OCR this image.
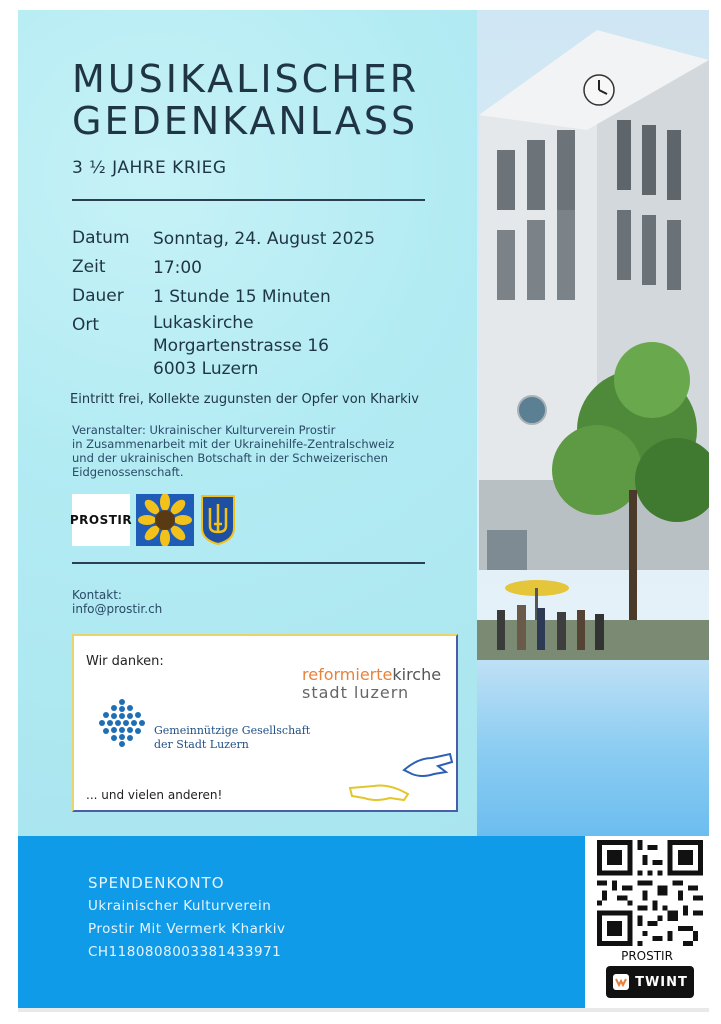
MUSIKALISCHER
GEDENKANLASS
3 ½ JAHRE KRIEG
Datum Sonntag, 24. August 2025
Zeit	17:00
Dauer 1 Stunde 15 Minuten
Ort	Lukaskirche
Morgartenstrasse 16
6003 Luzern
Eintritt frei, Kollekte zugunsten der Opfer von Kharkiv
Veranstalter: Ukrainischer Kulturverein Prostir
in Zusammenarbeit mit der Ukrainehilfe-Zentralschweiz
und der ukrainischen Botschaft in der Schweizerischen
Eidgenossenschaft.
PROSTIR
Kontakt:
info@prostir.ch
Wir danken:
reformiertekirche
stadt luzern
Gemeinnützige Gesellschaft
der Stadt Luzern
... und vielen anderen!
SPENDENKONTO
Ukrainischer Kulturverein
Prostir Mit Vermerk Kharkiv
CH1180808003381433971	PROSTIR
TWINT
